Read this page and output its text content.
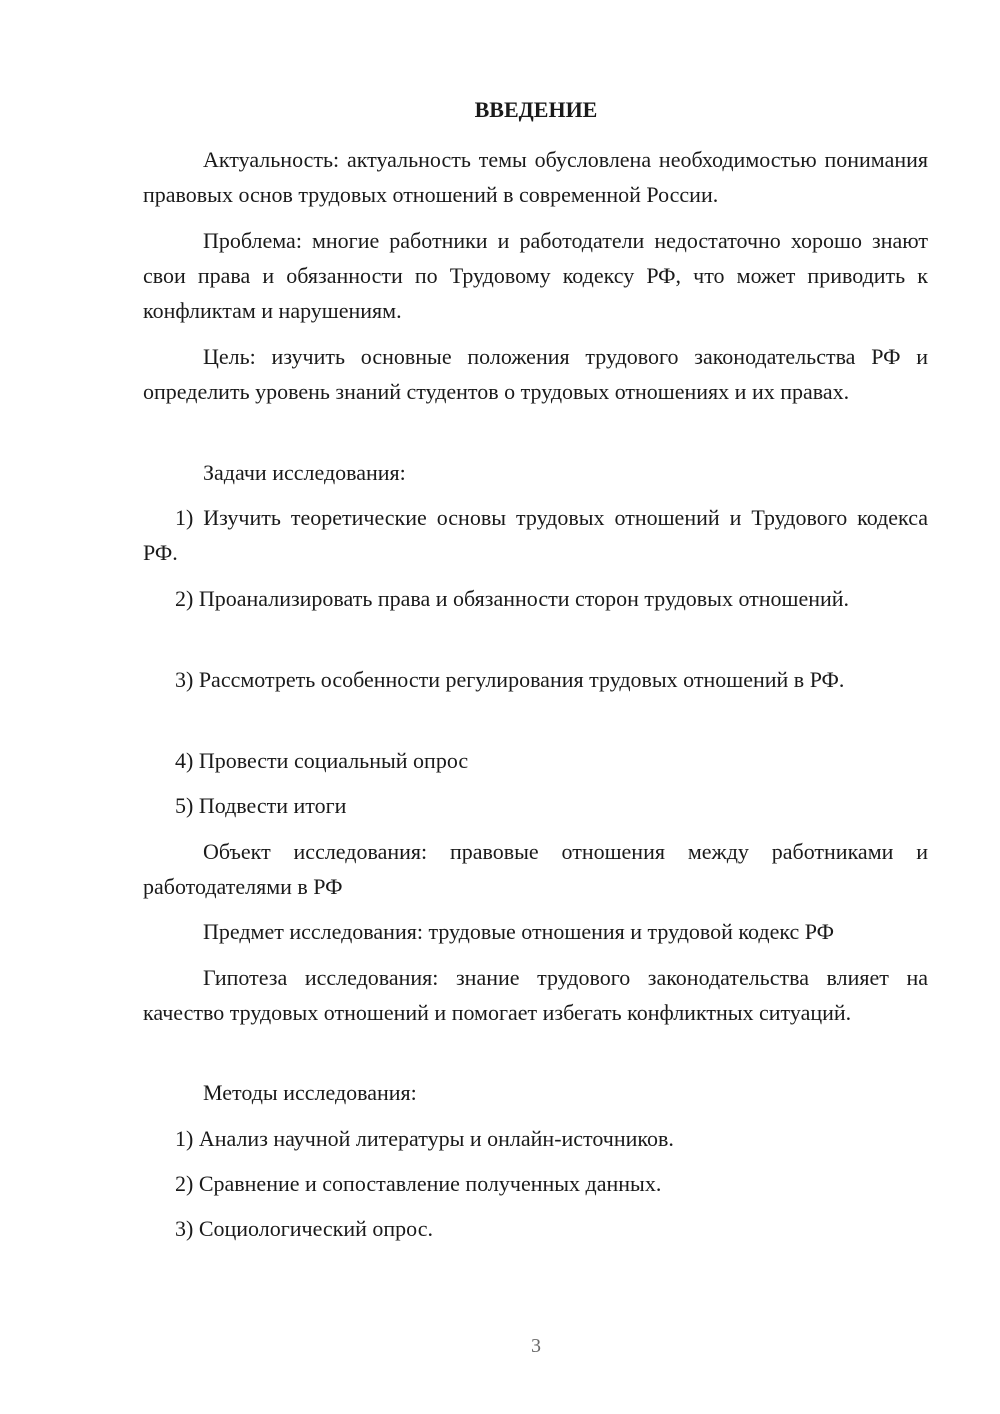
ВВЕДЕНИЕ

Актуальность: актуальность темы обусловлена необходимостью понимания правовых основ трудовых отношений в современной России.

Проблема: многие работники и работодатели недостаточно хорошо знают свои права и обязанности по Трудовому кодексу РФ, что может приводить к конфликтам и нарушениям.

Цель: изучить основные положения трудового законодательства РФ и определить уровень знаний студентов о трудовых отношениях и их правах.

Задачи исследования:

1) Изучить теоретические основы трудовых отношений и Трудового кодекса РФ.

2) Проанализировать права и обязанности сторон трудовых отношений.

3) Рассмотреть особенности регулирования трудовых отношений в РФ.

4) Провести социальный опрос

5) Подвести итоги

Объект исследования: правовые отношения между работниками и работодателями в РФ

Предмет исследования: трудовые отношения и трудовой кодекс РФ

Гипотеза исследования: знание трудового законодательства влияет на качество трудовых отношений и помогает избегать конфликтных ситуаций.

Методы исследования:

1) Анализ научной литературы и онлайн-источников.

2) Сравнение и сопоставление полученных данных.

3) Социологический опрос.

3
